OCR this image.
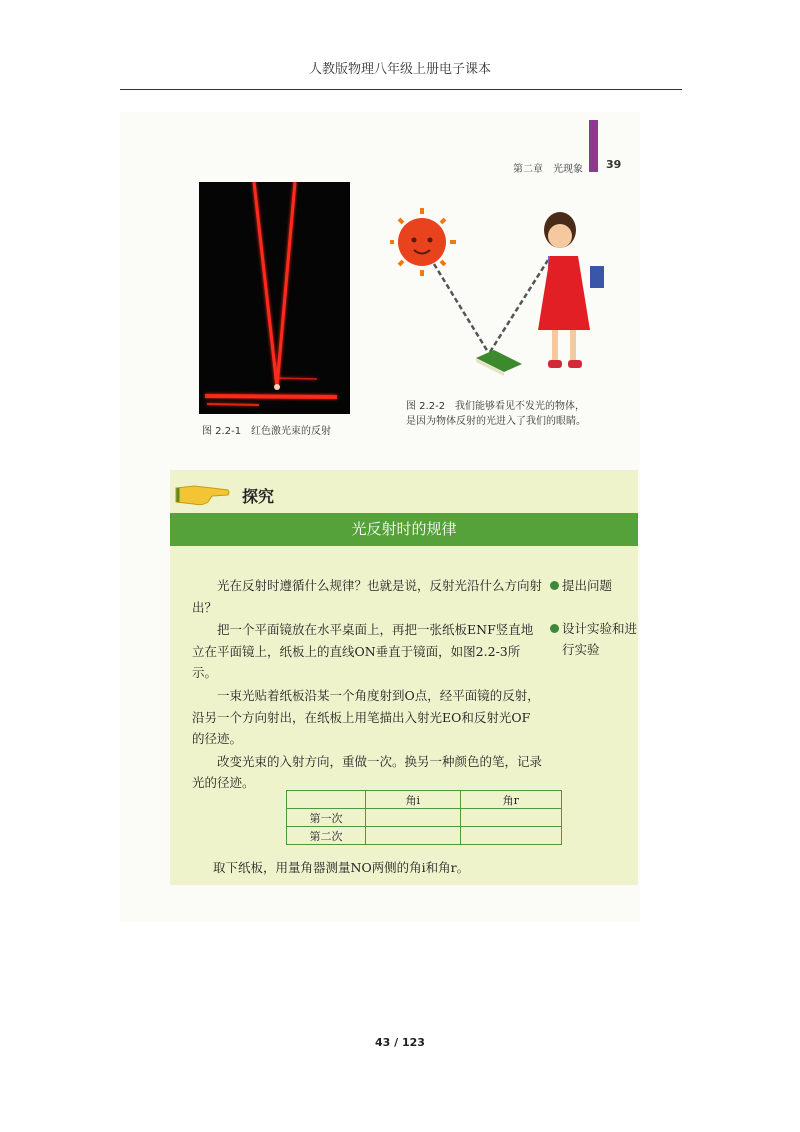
人教版物理八年级上册电子课本
第二章　光现象 39
图 2.2-1　红色激光束的反射
图 2.2-2　我们能够看见不发光的物体，
是因为物体反射的光进入了我们的眼睛。
探究
光反射时的规律

光在反射时遵循什么规律？也就是说，反射光沿什么方向射出？

把一个平面镜放在水平桌面上，再把一张纸板ENF竖直地立在平面镜上，纸板上的直线ON垂直于镜面，如图2.2-3所示。

一束光贴着纸板沿某一个角度射到O点，经平面镜的反射，沿另一个方向射出，在纸板上用笔描出入射光EO和反射光OF的径迹。

改变光束的入射方向，重做一次。换另一种颜色的笔，记录光的径迹。

提出问题
设计实验和进行实验
	角i	角r
第一次		
第二次		
取下纸板，用量角器测量NO两侧的角i和角r。
43 / 123
